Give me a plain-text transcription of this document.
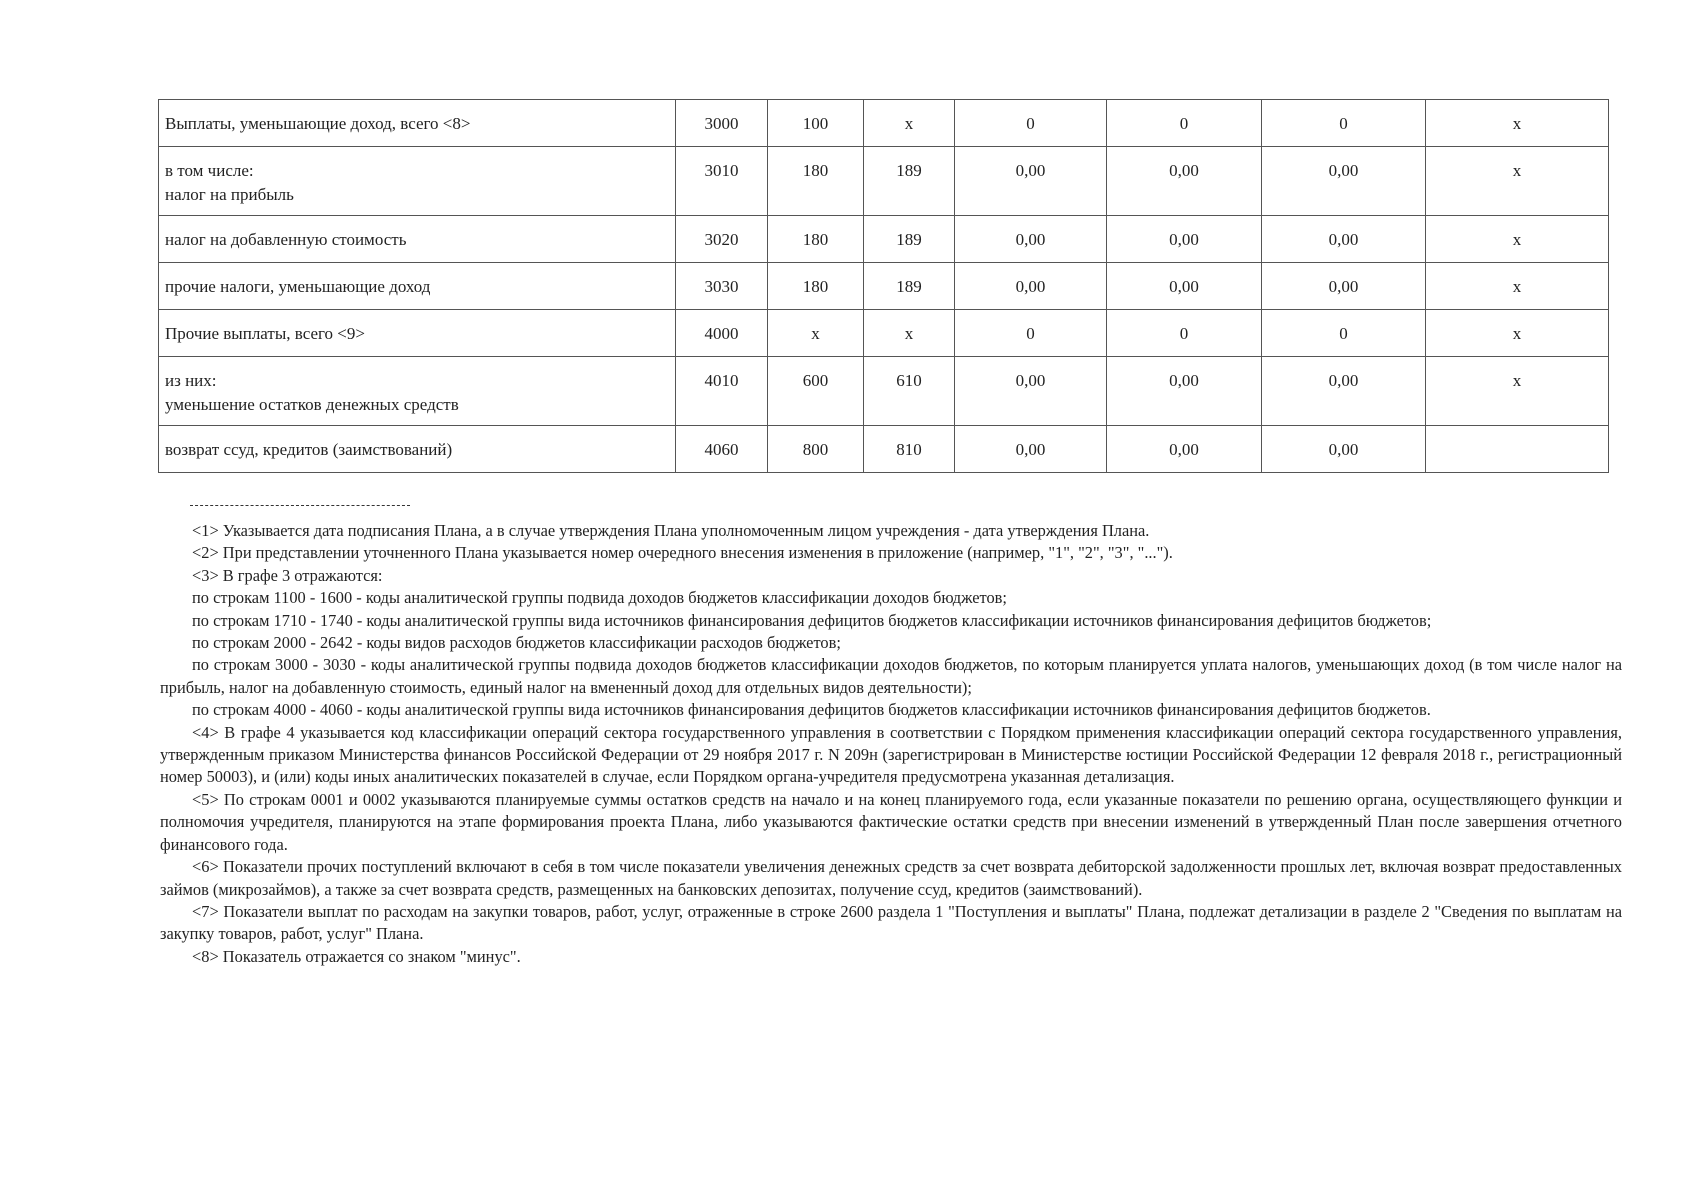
Выплаты, уменьшающие доход, всего <8>	3000	100	x	0	0	0	x

в том числе:
налог на прибыль	3010	180	189	0,00	0,00	0,00	x

налог на добавленную стоимость	3020	180	189	0,00	0,00	0,00	x

прочие налоги, уменьшающие доход	3030	180	189	0,00	0,00	0,00	x

Прочие выплаты, всего <9>	4000	x	x	0	0	0	x

из них:
уменьшение остатков денежных средств	4010	600	610	0,00	0,00	0,00	x

возврат ссуд, кредитов (заимствований)	4060	800	810	0,00	0,00	0,00	

<1> Указывается дата подписания Плана, а в случае утверждения Плана уполномоченным лицом учреждения - дата утверждения Плана.

<2> При представлении уточненного Плана указывается номер очередного внесения изменения в приложение (например, "1", "2", "3", "...").

<3> В графе 3 отражаются:

по строкам 1100 - 1600 - коды аналитической группы подвида доходов бюджетов классификации доходов бюджетов;

по строкам 1710 - 1740 - коды аналитической группы вида источников финансирования дефицитов бюджетов классификации источников финансирования дефицитов бюджетов;

по строкам 2000 - 2642 - коды видов расходов бюджетов классификации расходов бюджетов;

по строкам 3000 - 3030 - коды аналитической группы подвида доходов бюджетов классификации доходов бюджетов, по которым планируется уплата налогов, уменьшающих доход (в том числе налог на прибыль, налог на добавленную стоимость, единый налог на вмененный доход для отдельных видов деятельности);

по строкам 4000 - 4060 - коды аналитической группы вида источников финансирования дефицитов бюджетов классификации источников финансирования дефицитов бюджетов.

<4> В графе 4 указывается код классификации операций сектора государственного управления в соответствии с Порядком применения классификации операций сектора государственного управления, утвержденным приказом Министерства финансов Российской Федерации от 29 ноября 2017 г. N 209н (зарегистрирован в Министерстве юстиции Российской Федерации 12 февраля 2018 г., регистрационный номер 50003), и (или) коды иных аналитических показателей в случае, если Порядком органа-учредителя предусмотрена указанная детализация.

<5> По строкам 0001 и 0002 указываются планируемые суммы остатков средств на начало и на конец планируемого года, если указанные показатели по решению органа, осуществляющего функции и полномочия учредителя, планируются на этапе формирования проекта Плана, либо указываются фактические остатки средств при внесении изменений в утвержденный План после завершения отчетного финансового года.

<6> Показатели прочих поступлений включают в себя в том числе показатели увеличения денежных средств за счет возврата дебиторской задолженности прошлых лет, включая возврат предоставленных займов (микрозаймов), а также за счет возврата средств, размещенных на банковских депозитах, получение ссуд, кредитов (заимствований).

<7> Показатели выплат по расходам на закупки товаров, работ, услуг, отраженные в строке 2600 раздела 1 "Поступления и выплаты" Плана, подлежат детализации в разделе 2 "Сведения по выплатам на закупку товаров, работ, услуг" Плана.

<8> Показатель отражается со знаком "минус".
